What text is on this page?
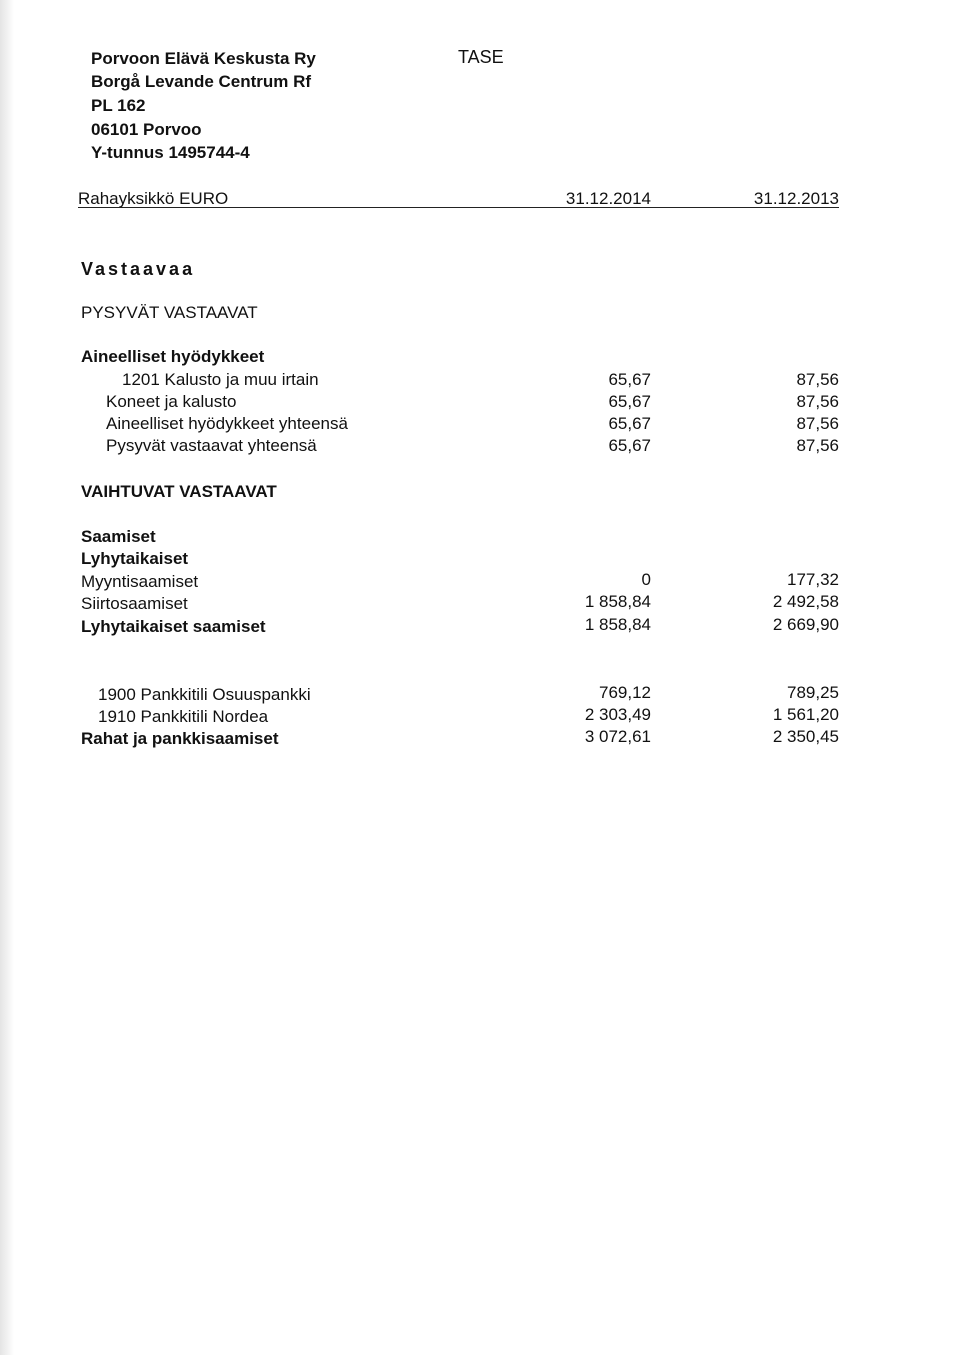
Porvoon Elävä Keskusta Ry
Borgå Levande Centrum Rf
PL 162
06101 Porvoo
Y-tunnus 1495744-4
TASE
Rahayksikkö EURO	31.12.2014	31.12.2013
Vastaavaa
PYSYVÄT VASTAAVAT
Aineelliset hyödykkeet
1201 Kalusto ja muu irtain	65,67	87,56
Koneet ja kalusto	65,67	87,56
Aineelliset hyödykkeet yhteensä	65,67	87,56
Pysyvät vastaavat yhteensä	65,67	87,56
VAIHTUVAT VASTAAVAT
Saamiset
Lyhytaikaiset
Myyntisaamiset	0	177,32
Siirtosaamiset	1 858,84	2 492,58
Lyhytaikaiset saamiset	1 858,84	2 669,90
1900 Pankkitili Osuuspankki	769,12	789,25
1910 Pankkitili Nordea	2 303,49	1 561,20
Rahat ja pankkisaamiset	3 072,61	2 350,45
